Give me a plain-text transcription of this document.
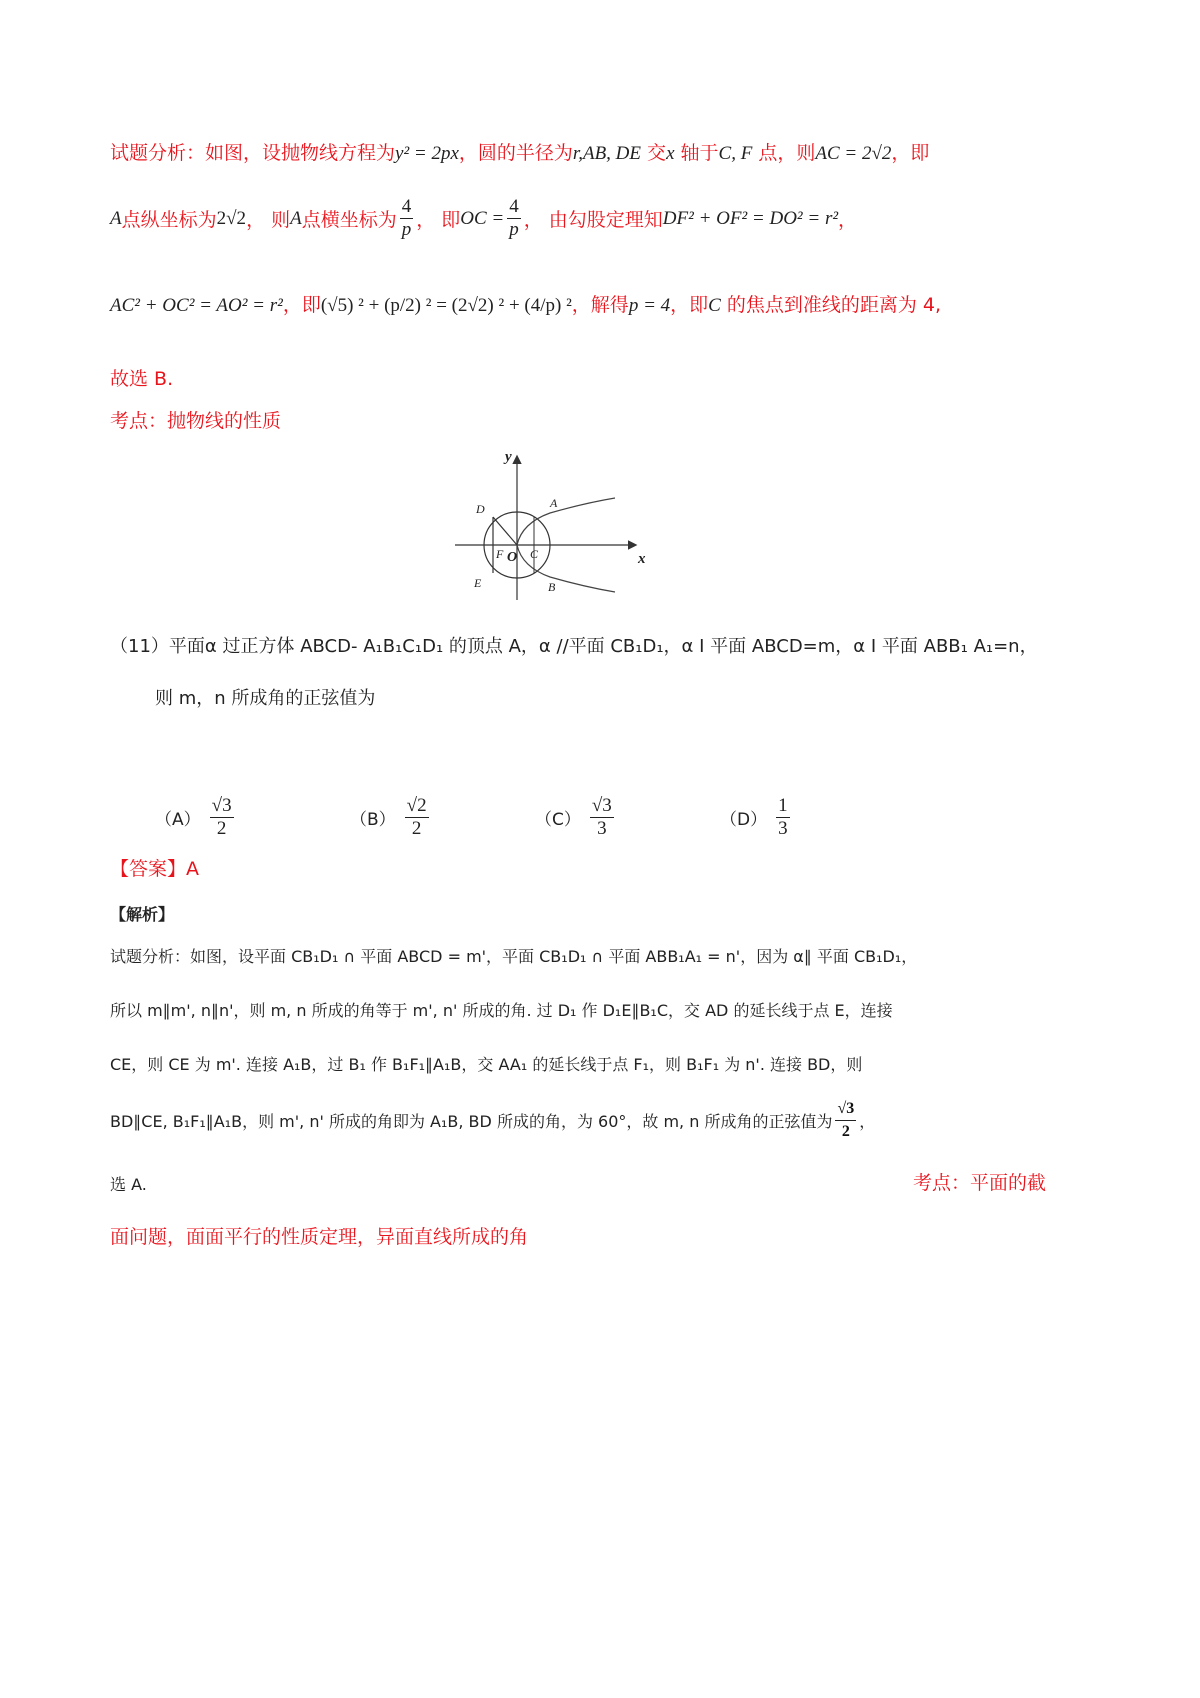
试题分析：如图，设抛物线方程为y² = 2px，圆的半径为r,AB, DE 交x 轴于C, F 点，则AC = 2√2，即
A 点纵坐标为 2√2 ， 则 A 点横坐标为 $\frac{4}{p}$ ， 即 OC = $\frac{4}{p}$ ， 由勾股定理知 DF² + OF² = DO² = r² ，
AC² + OC² = AO² = r²，即(√5) ² + (p/2) ² = (2√2) ² + (4/p) ²，解得p = 4，即C 的焦点到准线的距离为 4,
故选 B.
考点：抛物线的性质
y
x
D	A
F O C
E	B
（11）平面α 过正方体 ABCD- A₁B₁C₁D₁ 的顶点 A，α //平面 CB₁D₁，α I 平面 ABCD=m，α I 平面 ABB₁ A₁=n，
则 m，n 所成角的正弦值为
$(A) \frac{√3}{2}$	$(B) \frac{√2}{2}$	$(C) \frac{√3}{3}$	$(D) \frac{1}{3}$
【答案】A
【解析】
试题分析：如图，设平面 CB₁D₁ ∩ 平面 ABCD = m'，平面 CB₁D₁ ∩ 平面 ABB₁A₁ = n'，因为 α∥ 平面 CB₁D₁，
所以 m∥m', n∥n'，则 m, n 所成的角等于 m', n' 所成的角. 过 D₁ 作 D₁E∥B₁C，交 AD 的延长线于点 E，连接
CE，则 CE 为 m'. 连接 A₁B，过 B₁ 作 B₁F₁∥A₁B，交 AA₁ 的延长线于点 F₁，则 B₁F₁ 为 n'. 连接 BD，则
BD∥CE, B₁F₁∥A₁B，则 m', n' 所成的角即为 A₁B, BD 所成的角，为 60°，故 m, n 所成角的正弦值为 $\frac{√3}{2}$ ，
选 A.	考点：平面的截
面问题，面面平行的性质定理，异面直线所成的角
